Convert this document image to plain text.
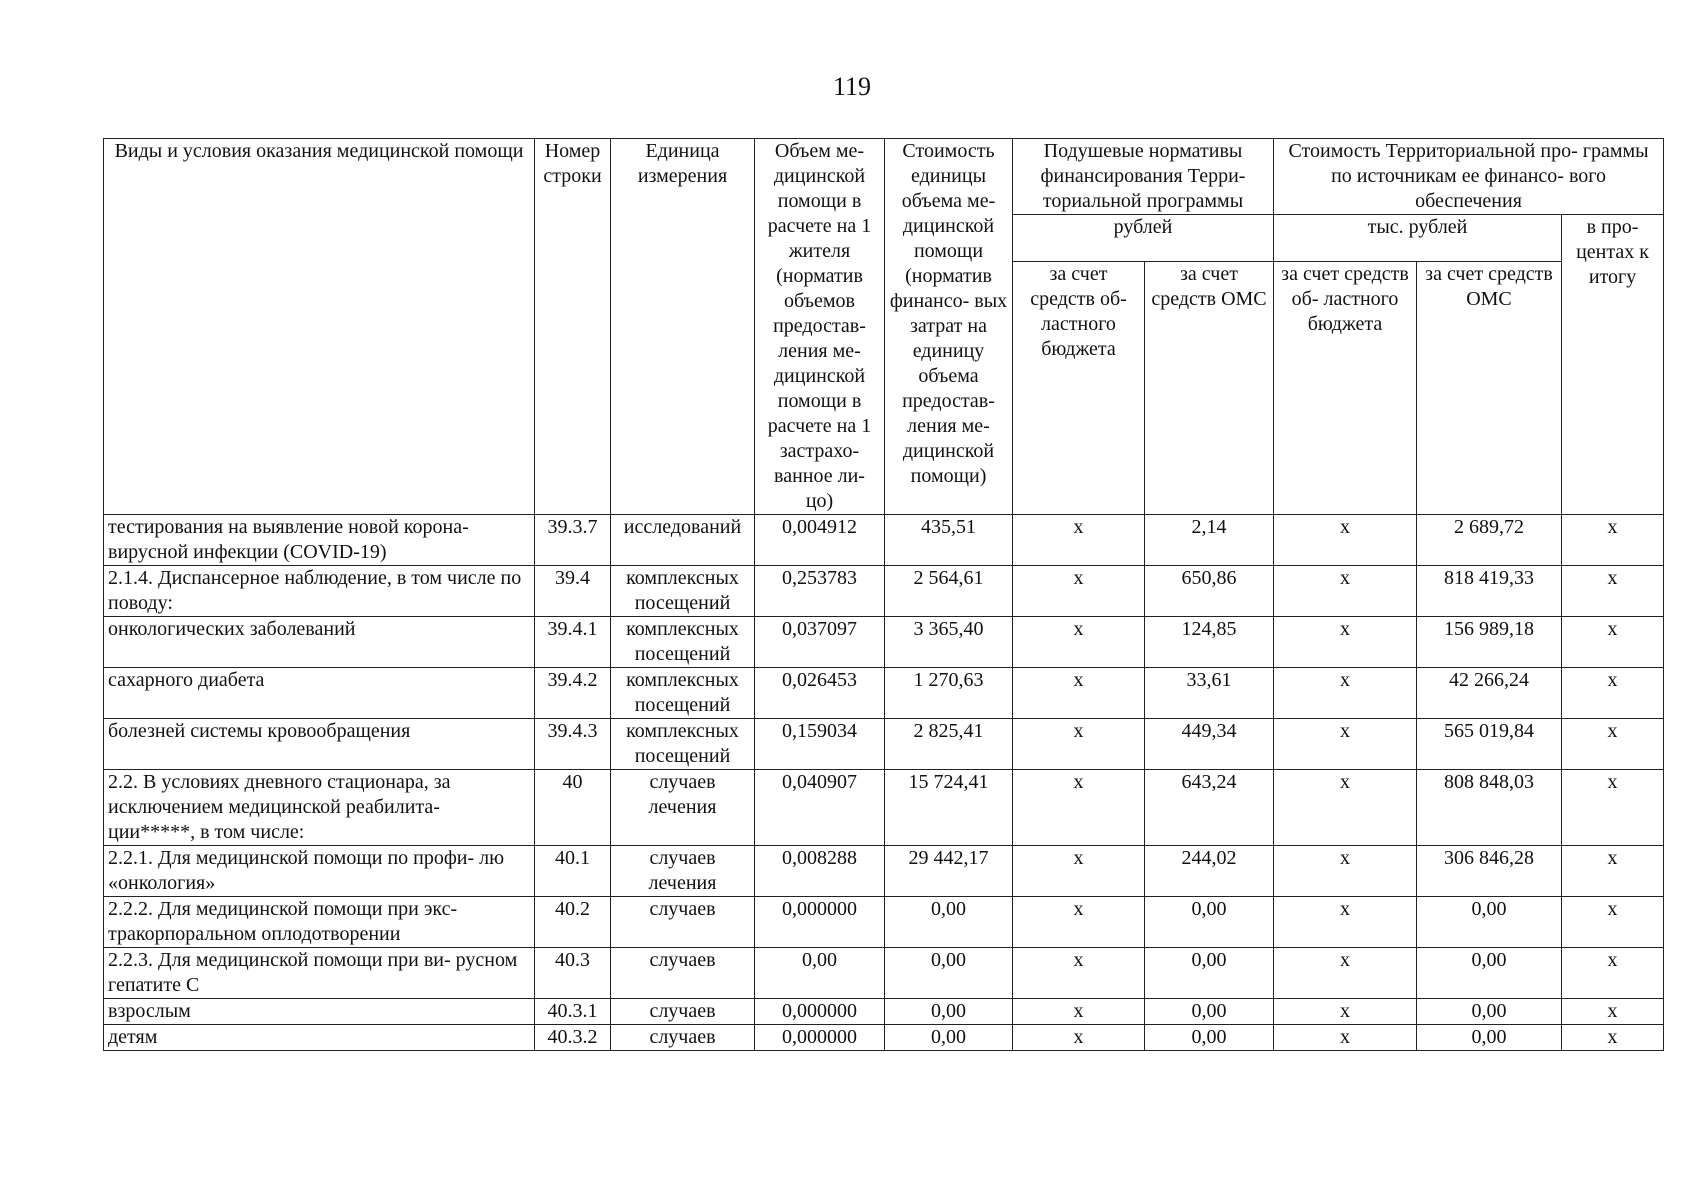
119
Виды и условия оказания медицинской помощи	Номер строки	Единица измерения	Объем ме- дицинской помощи в расчете на 1 жителя (норматив объемов предостав- ления ме- дицинской помощи в расчете на 1 застрахо- ванное ли- цо)	Стоимость единицы объема ме- дицинской помощи (норматив финансо- вых затрат на единицу объема предостав- ления ме- дицинской помощи)	Подушевые нормативы финансирования Терри- ториальной программы		Стоимость Территориальной про- граммы по источникам ее финансо- вого обеспечения		
					рублей		тыс. рублей		в про- центах к итогу
					за счет средств об- ластного бюджета	за счет средств ОМС	за счет средств об- ластного бюджета	за счет средств ОМС	
тестирования на выявление новой корона- вирусной инфекции (COVID-19)	39.3.7	исследований	0,004912	435,51	х	2,14	х	2 689,72	х
2.1.4. Диспансерное наблюдение, в том числе по поводу:	39.4	комплексных посещений	0,253783	2 564,61	х	650,86	х	818 419,33	х
онкологических заболеваний	39.4.1	комплексных посещений	0,037097	3 365,40	х	124,85	х	156 989,18	х
сахарного диабета	39.4.2	комплексных посещений	0,026453	1 270,63	х	33,61	х	42 266,24	х
болезней системы кровообращения	39.4.3	комплексных посещений	0,159034	2 825,41	х	449,34	х	565 019,84	х
2.2. В условиях дневного стационара, за исключением медицинской реабилита- ции*****, в том числе:	40	случаев лечения	0,040907	15 724,41	х	643,24	х	808 848,03	х
2.2.1. Для медицинской помощи по профи- лю «онкология»	40.1	случаев лечения	0,008288	29 442,17	х	244,02	х	306 846,28	х
2.2.2. Для медицинской помощи при экс- тракорпоральном оплодотворении	40.2	случаев	0,000000	0,00	х	0,00	х	0,00	х
2.2.3. Для медицинской помощи при ви- русном гепатите С	40.3	случаев	0,00	0,00	х	0,00	х	0,00	х
взрослым	40.3.1	случаев	0,000000	0,00	х	0,00	х	0,00	х
детям	40.3.2	случаев	0,000000	0,00	х	0,00	х	0,00	х
